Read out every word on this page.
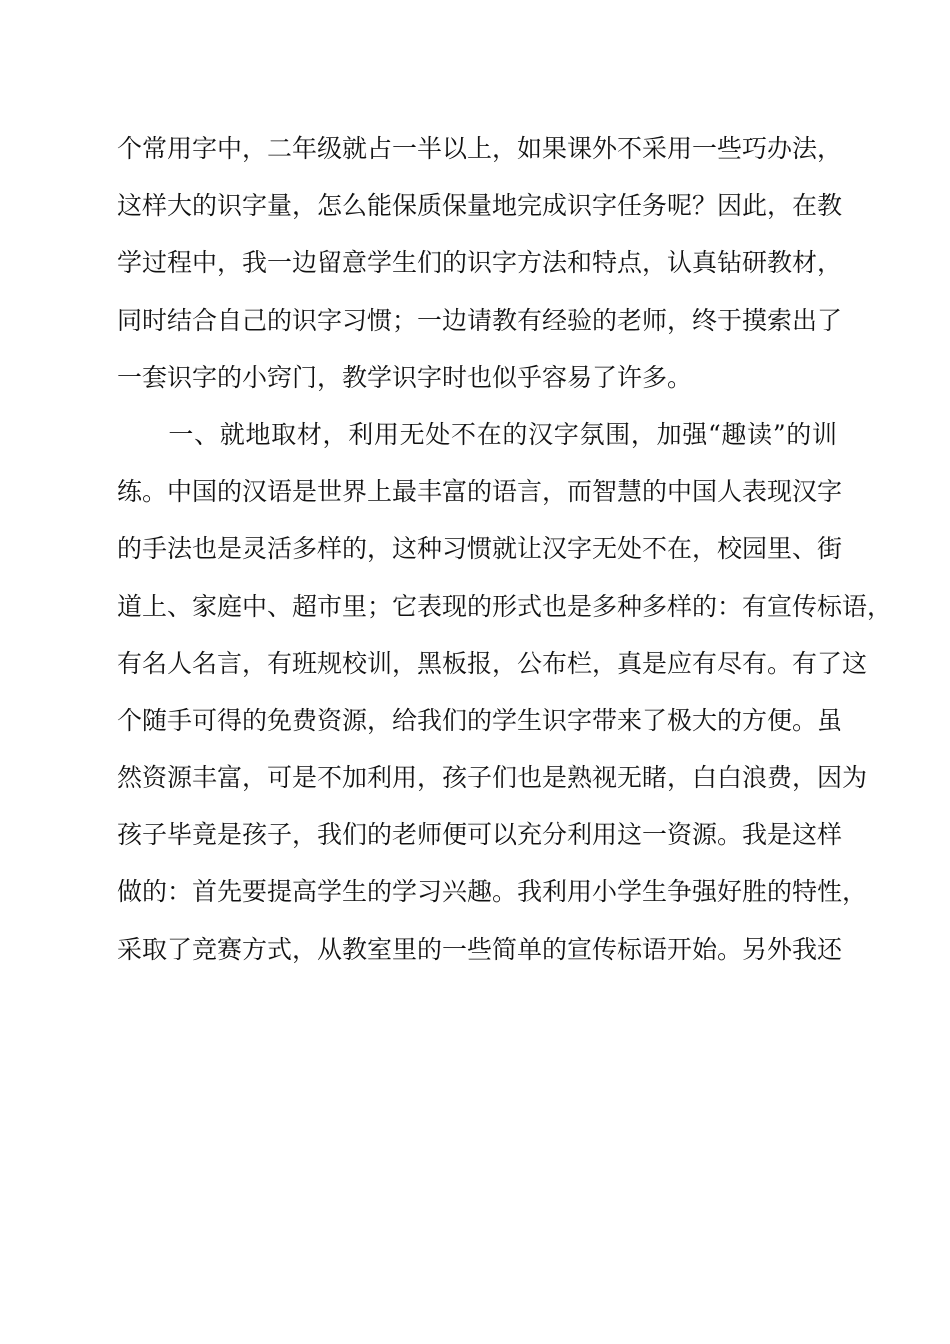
个常用字中，二年级就占一半以上，如果课外不采用一些巧办法，
这样大的识字量，怎么能保质保量地完成识字任务呢？因此，在教
学过程中，我一边留意学生们的识字方法和特点，认真钻研教材，
同时结合自己的识字习惯；一边请教有经验的老师，终于摸索出了
一套识字的小窍门，教学识字时也似乎容易了许多。
　　一、就地取材，利用无处不在的汉字氛围，加强“趣读”的训
练。中国的汉语是世界上最丰富的语言，而智慧的中国人表现汉字
的手法也是灵活多样的，这种习惯就让汉字无处不在，校园里、街
道上、家庭中、超市里；它表现的形式也是多种多样的：有宣传标语，
有名人名言，有班规校训，黑板报，公布栏，真是应有尽有。有了这
个随手可得的免费资源，给我们的学生识字带来了极大的方便。虽
然资源丰富，可是不加利用，孩子们也是熟视无睹，白白浪费，因为
孩子毕竟是孩子，我们的老师便可以充分利用这一资源。我是这样
做的：首先要提高学生的学习兴趣。我利用小学生争强好胜的特性，
采取了竞赛方式，从教室里的一些简单的宣传标语开始。另外我还
